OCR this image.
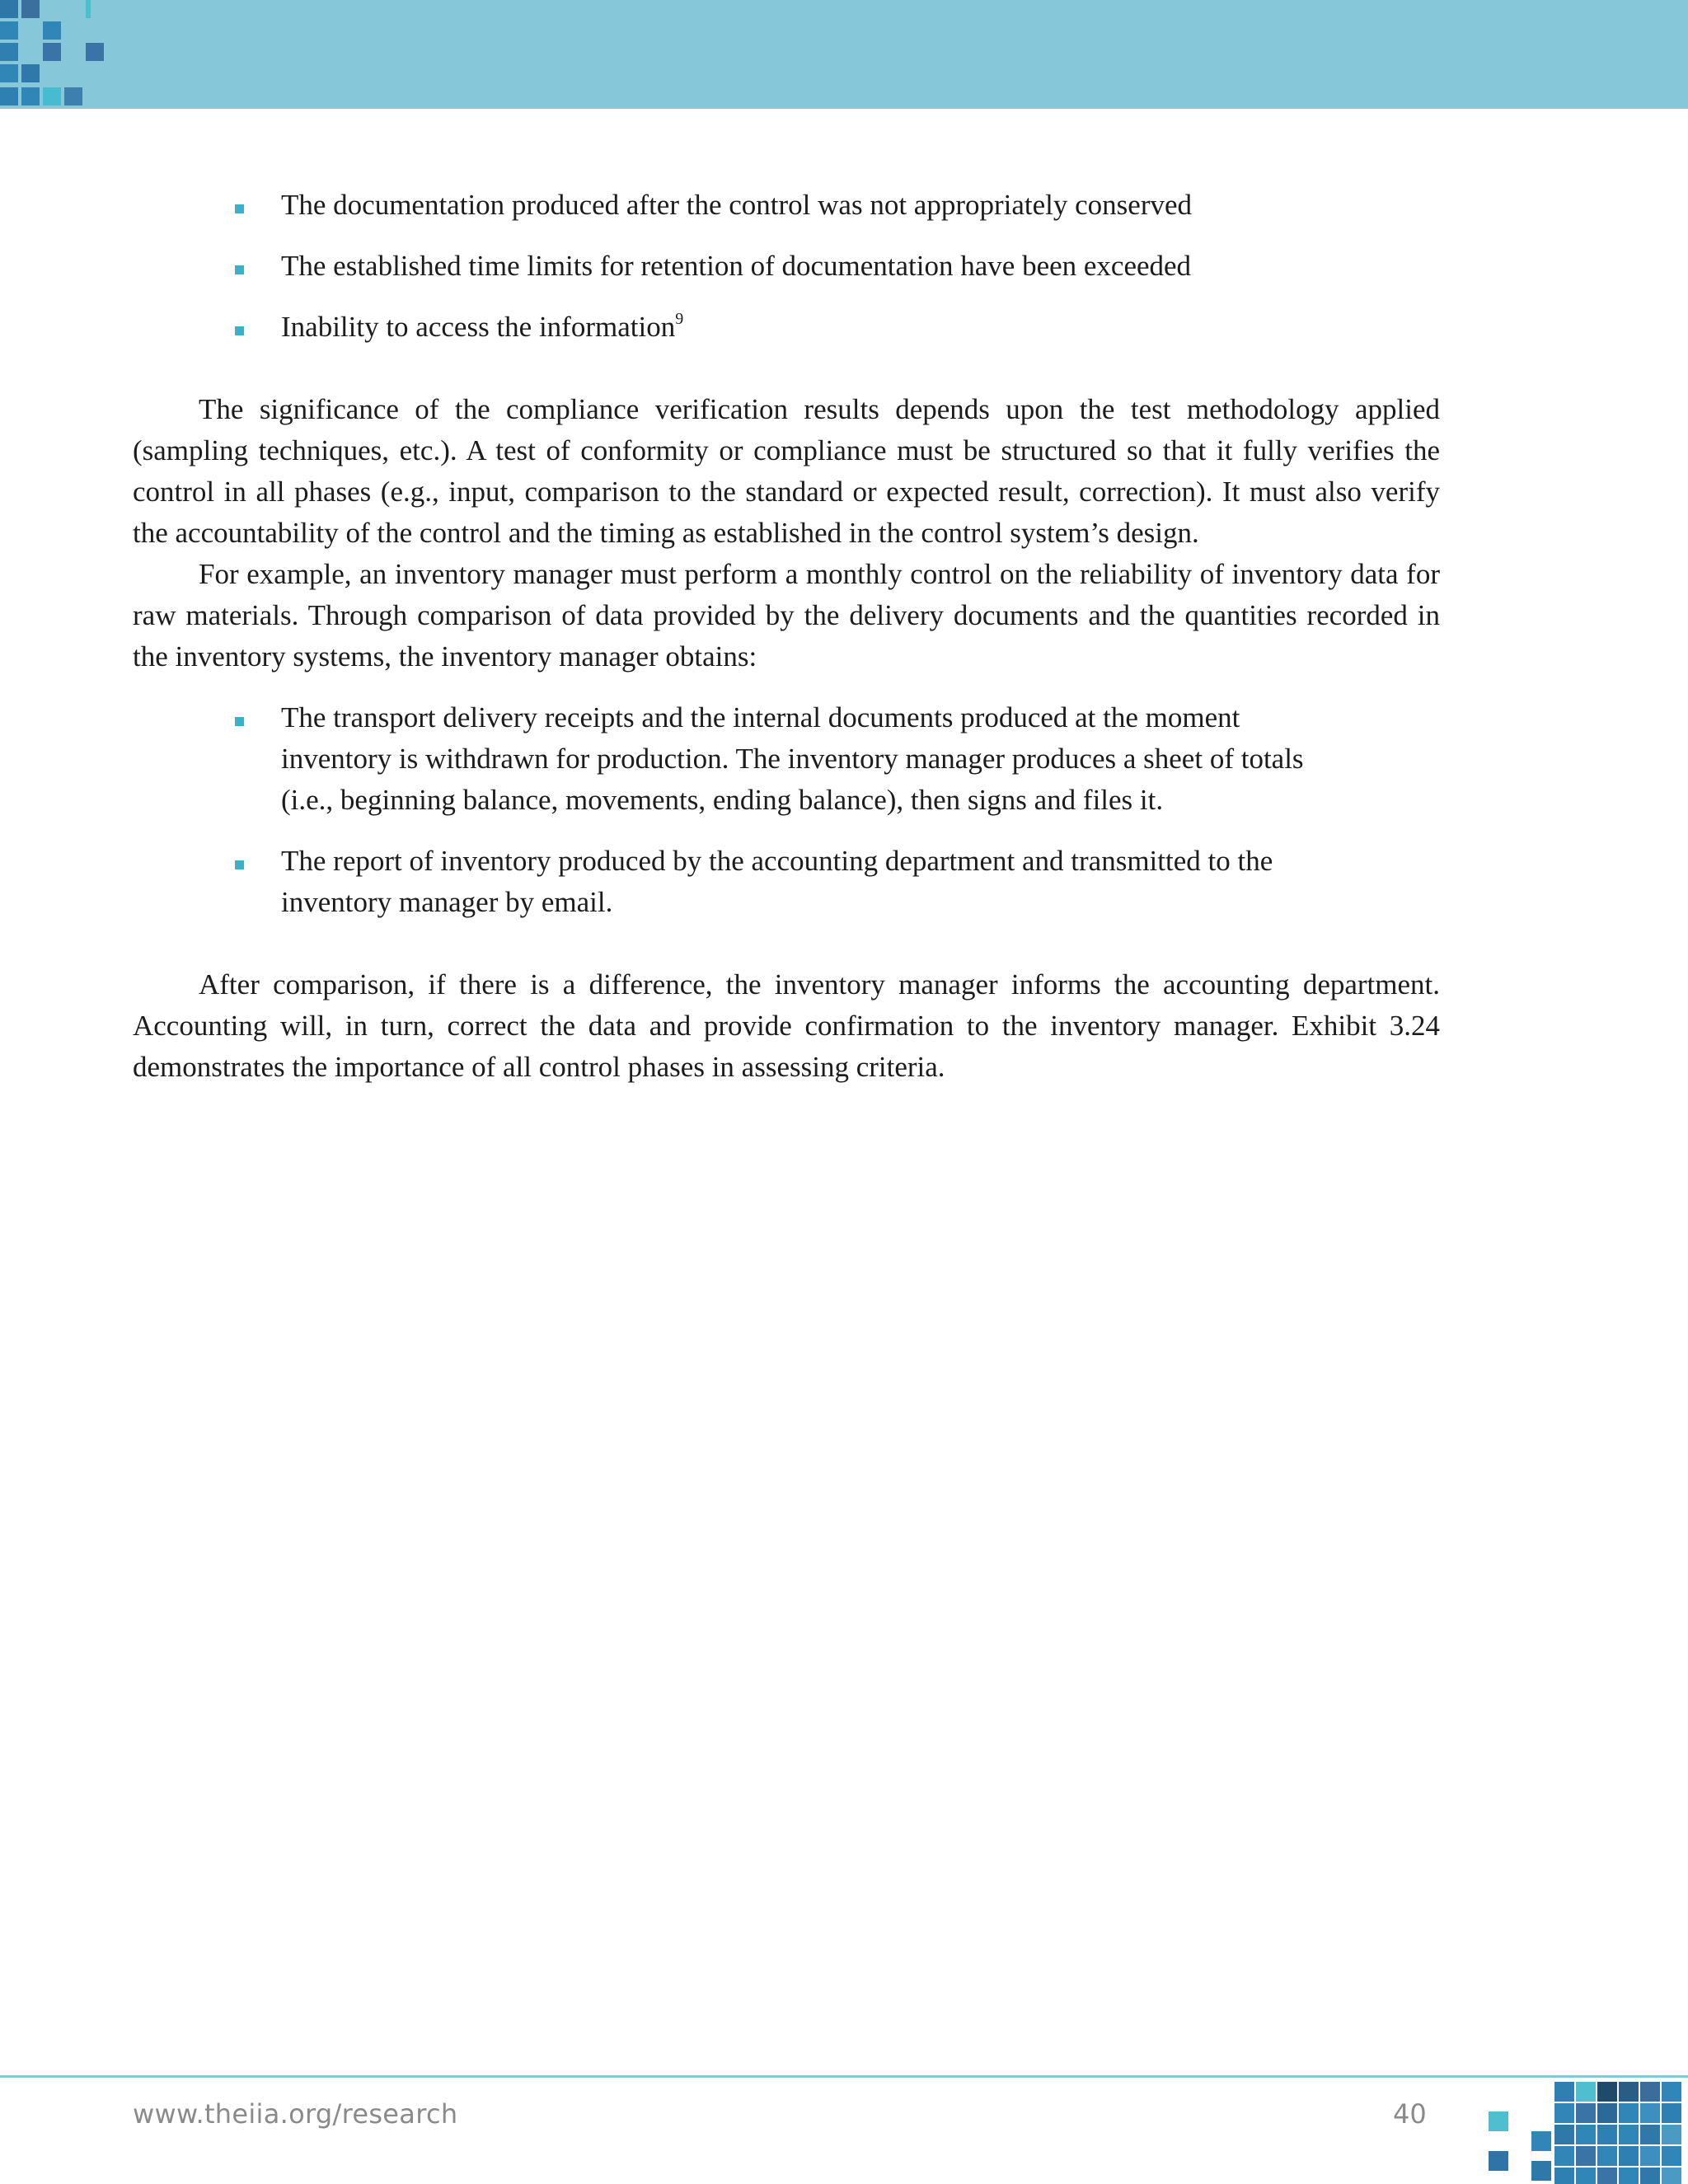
The documentation produced after the control was not appropriately conserved
The established time limits for retention of documentation have been exceeded
Inability to access the information$^9$

The significance of the compliance verification results depends upon the test methodology applied (sampling techniques, etc.). A test of conformity or compliance must be structured so that it fully verifies the control in all phases (e.g., input, comparison to the standard or expected result, correction). It must also verify the accountability of the control and the timing as established in the control system’s design.

For example, an inventory manager must perform a monthly control on the reliability of inventory data for raw materials. Through comparison of data provided by the delivery documents and the quantities recorded in the inventory systems, the inventory manager obtains:

The transport delivery receipts and the internal documents produced at the moment inventory is withdrawn for production. The inventory manager produces a sheet of totals (i.e., beginning balance, movements, ending balance), then signs and files it.
The report of inventory produced by the accounting department and transmitted to the inventory manager by email.

After comparison, if there is a difference, the inventory manager informs the accounting department. Accounting will, in turn, correct the data and provide confirmation to the inventory manager. Exhibit 3.24 demonstrates the importance of all control phases in assessing criteria.

www.theiia.org/research	40
